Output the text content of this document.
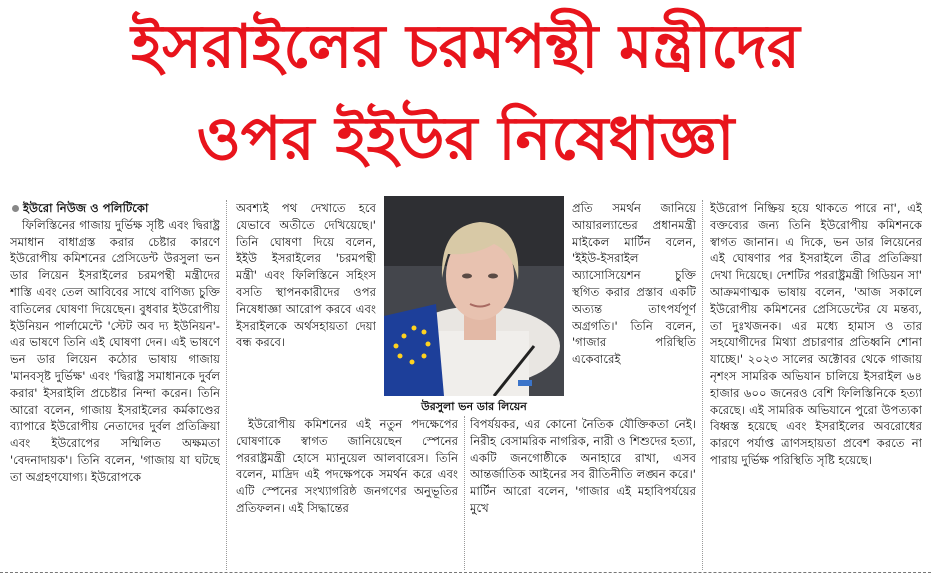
ইসরাইলের চরমপন্থী মন্ত্রীদের
ওপর ইইউর নিষেধাজ্ঞা
ইউরো নিউজ ও পলিটিকো

ফিলিস্তিনের গাজায় দুর্ভিক্ষ সৃষ্টি এবং দ্বিরাষ্ট্র সমাধান বাধাগ্রস্ত করার চেষ্টার কারণে ইউরোপীয় কমিশনের প্রেসিডেন্ট উরসুলা ভন ডার লিয়েন ইসরাইলের চরমপন্থী মন্ত্রীদের শাস্তি এবং তেল আবিবের সাথে বাণিজ্য চুক্তি বাতিলের ঘোষণা দিয়েছেন। বুধবার ইউরোপীয় ইউনিয়ন পার্লামেন্টে 'স্টেট অব দ্য ইউনিয়ন'-এর ভাষণে তিনি এই ঘোষণা দেন। এই ভাষণে ভন ডার লিয়েন কঠোর ভাষায় গাজায় 'মানবসৃষ্ট দুর্ভিক্ষ' এবং 'দ্বিরাষ্ট্র সমাধানকে দুর্বল করার' ইসরাইলি প্রচেষ্টার নিন্দা করেন। তিনি আরো বলেন, গাজায় ইসরাইলের কর্মকাণ্ডের ব্যাপারে ইউরোপীয় নেতাদের দুর্বল প্রতিক্রিয়া এবং ইউরোপের সম্মিলিত অক্ষমতা 'বেদনাদায়ক'। তিনি বলেন, 'গাজায় যা ঘটছে তা অগ্রহণযোগ্য। ইউরোপকে

অবশ্যই পথ দেখাতে হবে যেভাবে অতীতে দেখিয়েছে।' তিনি ঘোষণা দিয়ে বলেন, ইইউ ইসরাইলের 'চরমপন্থী মন্ত্রী' এবং ফিলিস্তিনে সহিংস বসতি স্থাপনকারীদের ওপর নিষেধাজ্ঞা আরোপ করবে এবং ইসরাইলকে অর্থসহায়তা দেয়া বন্ধ করবে।

উরসুলা ভন ডার লিয়েন

ইউরোপীয় কমিশনের এই নতুন পদক্ষেপের ঘোষণাকে স্বাগত জানিয়েছেন স্পেনের পররাষ্ট্রমন্ত্রী হোসে ম্যানুয়েল আলবারেস। তিনি বলেন, মাদ্রিদ এই পদক্ষেপকে সমর্থন করে এবং এটি স্পেনের সংখ্যাগরিষ্ঠ জনগণের অনুভূতির প্রতিফলন। এই সিদ্ধান্তের

বিপর্যয়কর, এর কোনো নৈতিক যৌক্তিকতা নেই। নিরীহ বেসামরিক নাগরিক, নারী ও শিশুদের হত্যা, একটি জনগোষ্ঠীকে অনাহারে রাখা, এসব আন্তর্জাতিক আইনের সব রীতিনীতি লঙ্ঘন করে।' মার্টিন আরো বলেন, 'গাজার এই মহাবিপর্যয়ের মুখে

প্রতি সমর্থন জানিয়ে আয়ারল্যান্ডের প্রধানমন্ত্রী মাইকেল মার্টিন বলেন, 'ইইউ-ইসরাইল অ্যাসোসিয়েশন চুক্তি স্থগিত করার প্রস্তাব একটি অত্যন্ত তাৎপর্যপূর্ণ অগ্রগতি।' তিনি বলেন, 'গাজার পরিস্থিতি একেবারেই

ইউরোপ নিষ্ক্রিয় হয়ে থাকতে পারে না', এই বক্তব্যের জন্য তিনি ইউরোপীয় কমিশনকে স্বাগত জানান। এ দিকে, ভন ডার লিয়েনের এই ঘোষণার পর ইসরাইলে তীব্র প্রতিক্রিয়া দেখা দিয়েছে। দেশটির পররাষ্ট্রমন্ত্রী গিডিয়ন সা' আক্রমণাত্মক ভাষায় বলেন, 'আজ সকালে ইউরোপীয় কমিশনের প্রেসিডেন্টের যে মন্তব্য, তা দুঃখজনক। এর মধ্যে হামাস ও তার সহযোগীদের মিথ্যা প্রচারণার প্রতিধ্বনি শোনা যাচ্ছে।' ২০২৩ সালের অক্টোবর থেকে গাজায় নৃশংস সামরিক অভিযান চালিয়ে ইসরাইল ৬৪ হাজার ৬০০ জনেরও বেশি ফিলিস্তিনিকে হত্যা করেছে। এই সামরিক অভিযানে পুরো উপত্যকা বিধ্বস্ত হয়েছে এবং ইসরাইলের অবরোধের কারণে পর্যাপ্ত ত্রাণসহায়তা প্রবেশ করতে না পারায় দুর্ভিক্ষ পরিস্থিতি সৃষ্টি হয়েছে।
